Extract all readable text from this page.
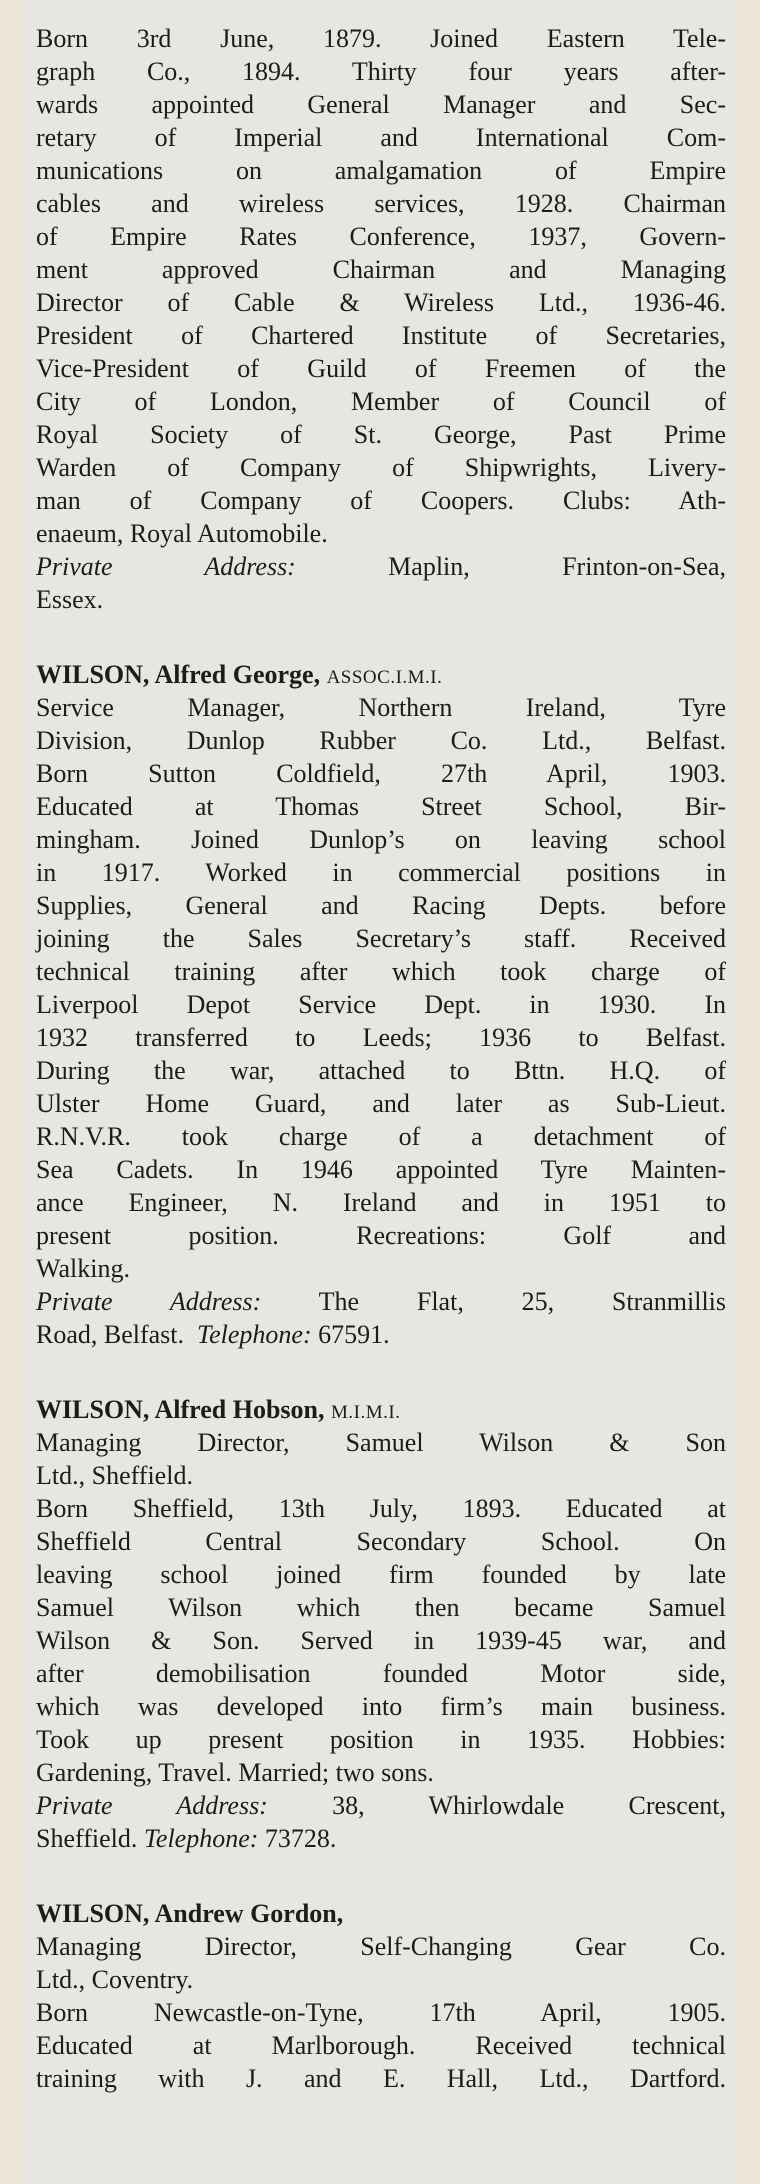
Born 3rd June, 1879. Joined Eastern Tele-
graph Co., 1894. Thirty four years after-
wards appointed General Manager and Sec-
retary of Imperial and International Com-
munications on amalgamation of Empire
cables and wireless services, 1928. Chairman
of Empire Rates Conference, 1937, Govern-
ment approved Chairman and Managing
Director of Cable & Wireless Ltd., 1936-46.
President of Chartered Institute of Secretaries,
Vice-President of Guild of Freemen of the
City of London, Member of Council of
Royal Society of St. George, Past Prime
Warden of Company of Shipwrights, Livery-
man of Company of Coopers. Clubs: Ath-
enaeum, Royal Automobile.
Private Address:	Maplin, Frinton-on-Sea,
Essex.
WILSON, Alfred George, ASSOC.I.M.I.
Service Manager, Northern Ireland, Tyre
Division, Dunlop Rubber Co. Ltd., Belfast.
Born Sutton Coldfield, 27th April, 1903.
Educated at Thomas Street School, Bir-
mingham. Joined Dunlop’s on leaving school
in 1917. Worked in commercial positions in
Supplies, General and Racing Depts. before
joining the Sales Secretary’s staff. Received
technical training after which took charge of
Liverpool Depot Service Dept. in 1930. In
1932 transferred to Leeds; 1936 to Belfast.
During the war, attached to Bttn. H.Q. of
Ulster Home Guard, and later as Sub-Lieut.
R.N.V.R. took charge of a detachment of
Sea Cadets. In 1946 appointed Tyre Mainten-
ance Engineer, N. Ireland and in 1951 to
present position. Recreations: Golf and
Walking.
Private Address: The Flat, 25, Stranmillis
Road, Belfast. Telephone: 67591.
WILSON, Alfred Hobson, M.I.M.I.
Managing Director, Samuel Wilson & Son
Ltd., Sheffield.
Born Sheffield, 13th July, 1893. Educated at
Sheffield Central Secondary School. On
leaving school joined firm founded by late
Samuel Wilson which then became Samuel
Wilson & Son. Served in 1939-45 war, and
after demobilisation founded Motor side,
which was developed into firm’s main business.
Took up present position in 1935. Hobbies:
Gardening, Travel. Married; two sons.
Private Address: 38, Whirlowdale Crescent,
Sheffield. Telephone: 73728.
WILSON, Andrew Gordon,
Managing Director, Self-Changing Gear Co.
Ltd., Coventry.
Born Newcastle-on-Tyne, 17th April, 1905.
Educated at Marlborough. Received technical
training with J. and E. Hall, Ltd., Dartford.
